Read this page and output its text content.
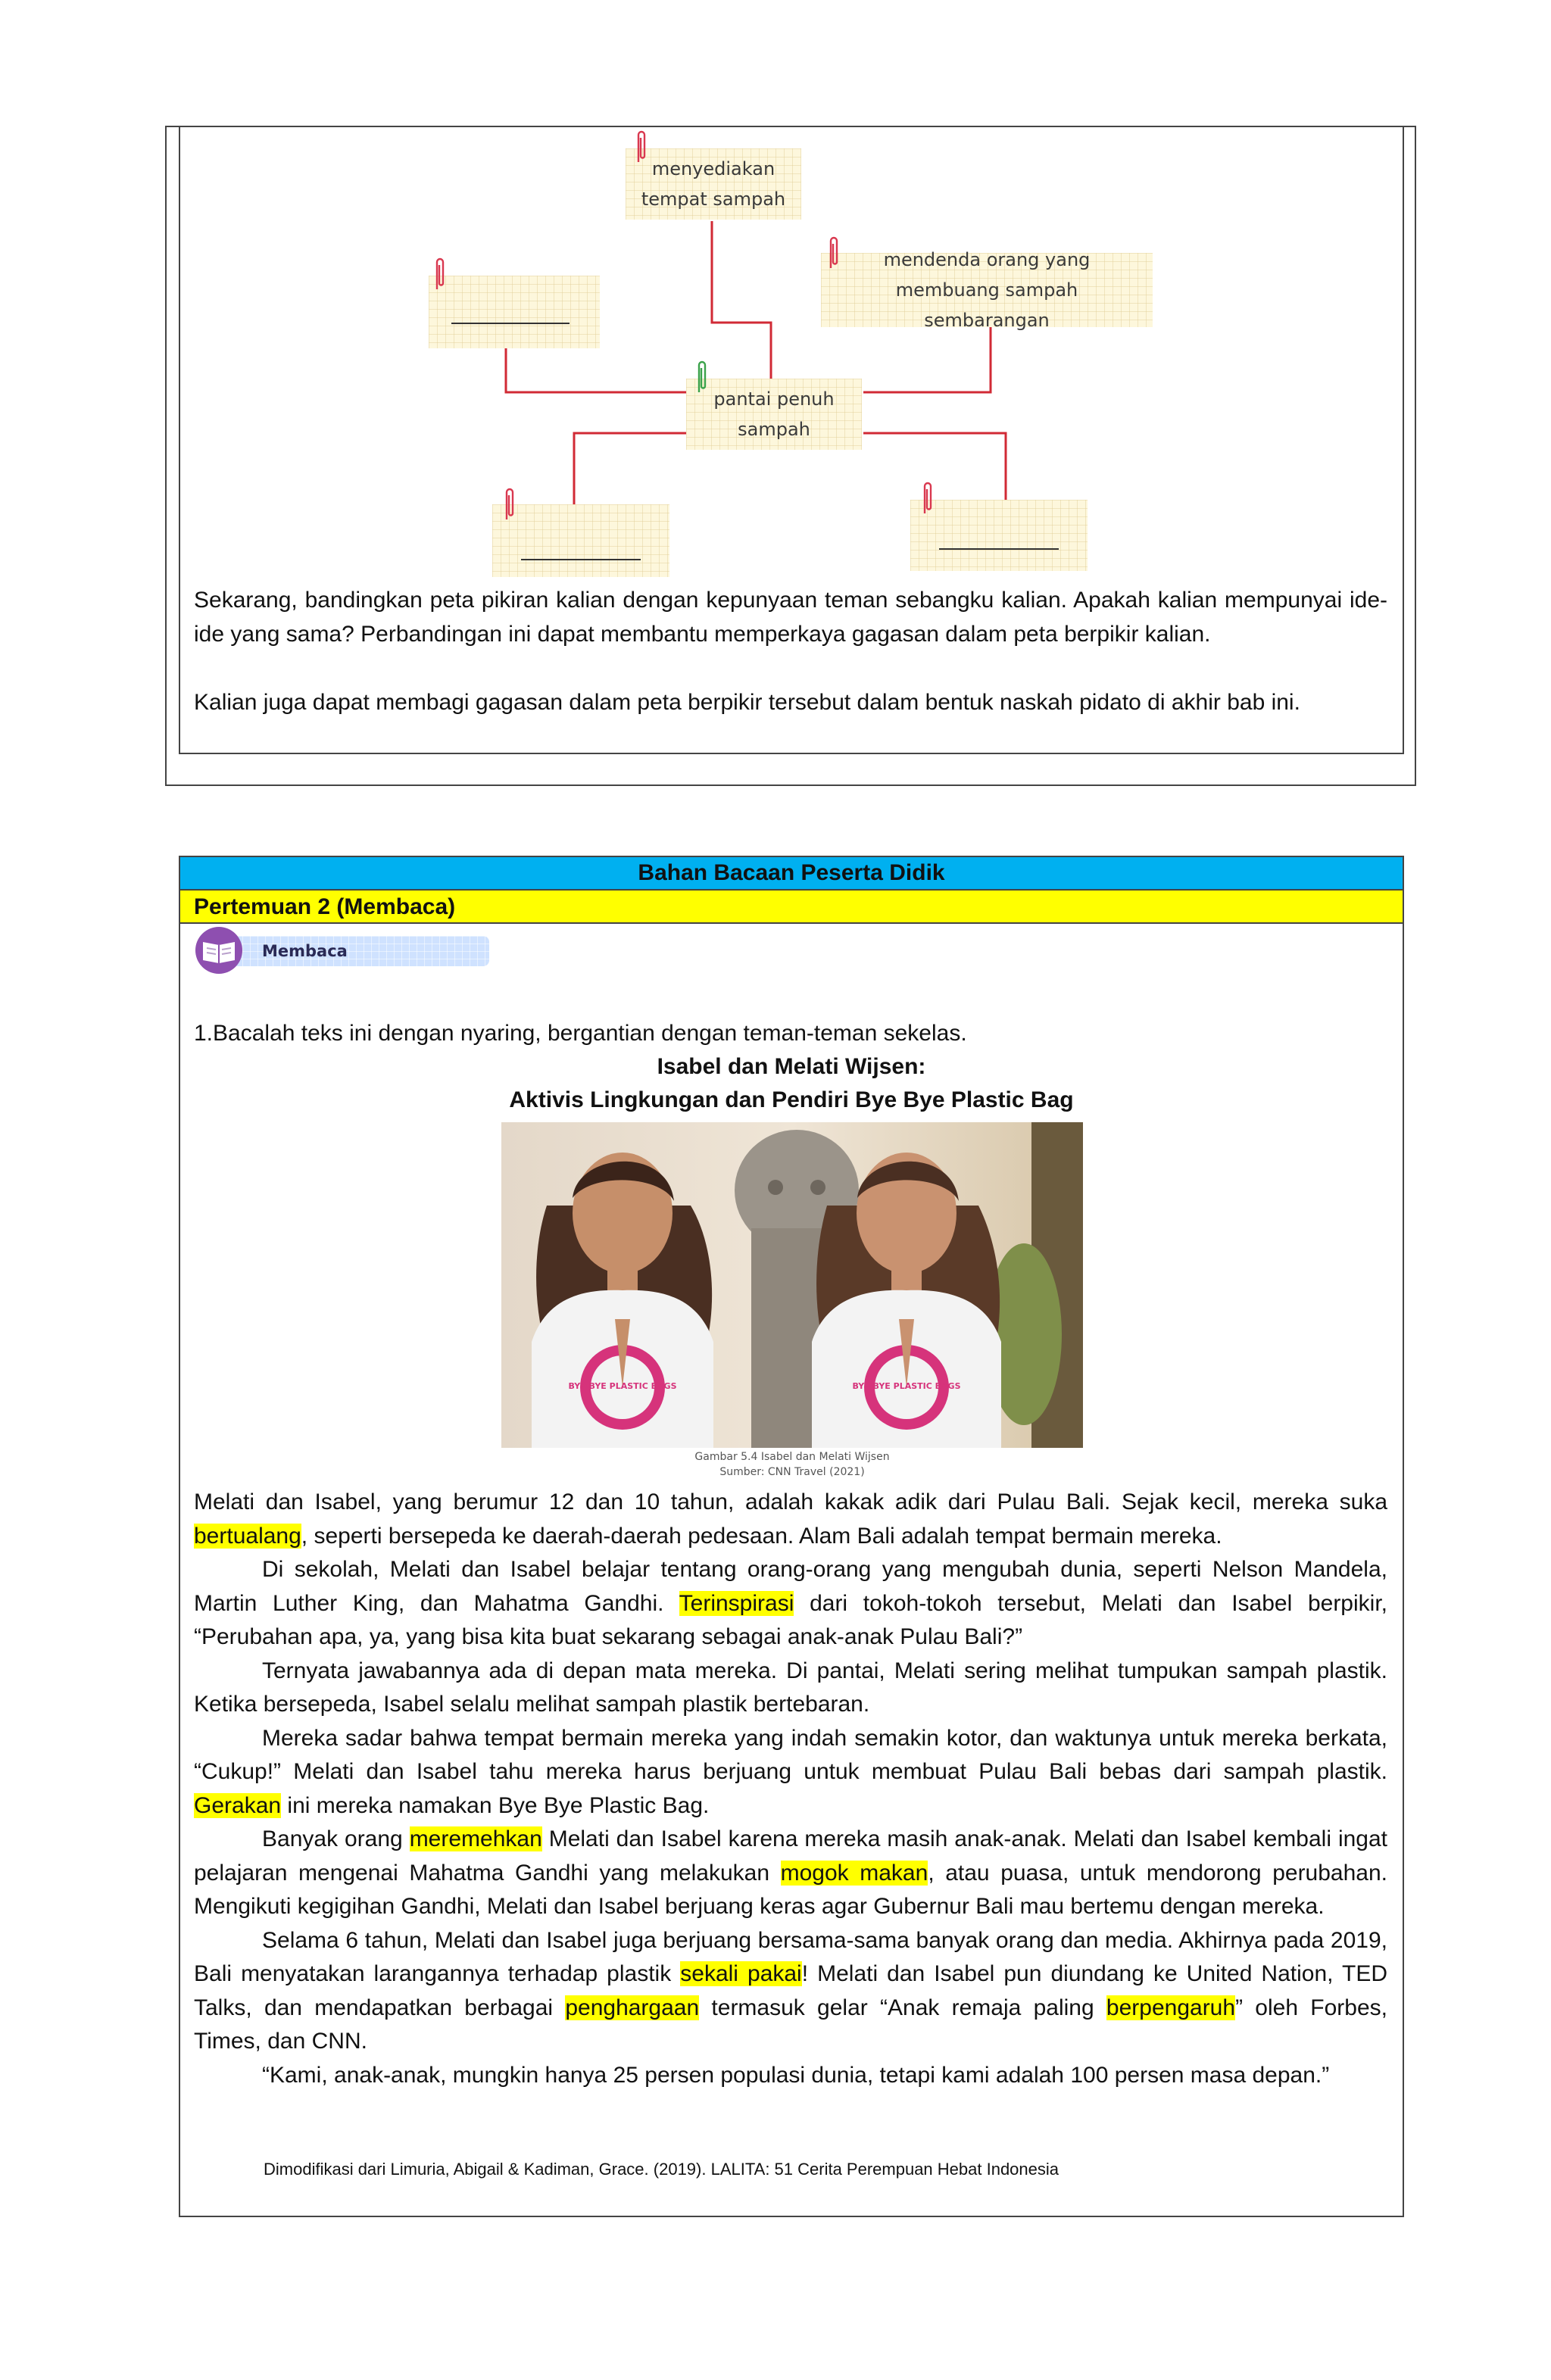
menyediakan tempat sampah
mendenda orang yang membuang sampah sembarangan
pantai penuh sampah
Sekarang, bandingkan peta pikiran kalian dengan kepunyaan teman sebangku kalian. Apakah kalian mempunyai ide-ide yang sama? Perbandingan ini dapat membantu memperkaya gagasan dalam peta berpikir kalian.
Kalian juga dapat membagi gagasan dalam peta berpikir tersebut dalam bentuk naskah pidato di akhir bab ini.
Bahan Bacaan Peserta Didik
Pertemuan 2 (Membaca)
Membaca
1.Bacalah teks ini dengan nyaring, bergantian dengan teman-teman sekelas.
Isabel dan Melati Wijsen:
Aktivis Lingkungan dan Pendiri Bye Bye Plastic Bag
BYE BYE PLASTIC BAGS	BYE BYE PLASTIC BAGS
Gambar 5.4 Isabel dan Melati Wijsen
Sumber: CNN Travel (2021)

Melati dan Isabel, yang berumur 12 dan 10 tahun, adalah kakak adik dari Pulau Bali. Sejak kecil, mereka suka bertualang, seperti bersepeda ke daerah-daerah pedesaan. Alam Bali adalah tempat bermain mereka.

Di sekolah, Melati dan Isabel belajar tentang orang-orang yang mengubah dunia, seperti Nelson Mandela, Martin Luther King, dan Mahatma Gandhi. Terinspirasi dari tokoh-tokoh tersebut, Melati dan Isabel berpikir, “Perubahan apa, ya, yang bisa kita buat sekarang sebagai anak-anak Pulau Bali?”

Ternyata jawabannya ada di depan mata mereka. Di pantai, Melati sering melihat tumpukan sampah plastik. Ketika bersepeda, Isabel selalu melihat sampah plastik bertebaran.

Mereka sadar bahwa tempat bermain mereka yang indah semakin kotor, dan waktunya untuk mereka berkata, “Cukup!” Melati dan Isabel tahu mereka harus berjuang untuk membuat Pulau Bali bebas dari sampah plastik. Gerakan ini mereka namakan Bye Bye Plastic Bag.

Banyak orang meremehkan Melati dan Isabel karena mereka masih anak-anak. Melati dan Isabel kembali ingat pelajaran mengenai Mahatma Gandhi yang melakukan mogok makan, atau puasa, untuk mendorong perubahan. Mengikuti kegigihan Gandhi, Melati dan Isabel berjuang keras agar Gubernur Bali mau bertemu dengan mereka.

Selama 6 tahun, Melati dan Isabel juga berjuang bersama-sama banyak orang dan media. Akhirnya pada 2019, Bali menyatakan larangannya terhadap plastik sekali pakai! Melati dan Isabel pun diundang ke United Nation, TED Talks, dan mendapatkan berbagai penghargaan termasuk gelar “Anak remaja paling berpengaruh” oleh Forbes, Times, dan CNN.

“Kami, anak-anak, mungkin hanya 25 persen populasi dunia, tetapi kami adalah 100 persen masa depan.”

Dimodifikasi dari Limuria, Abigail & Kadiman, Grace. (2019). LALITA: 51 Cerita Perempuan Hebat Indonesia
